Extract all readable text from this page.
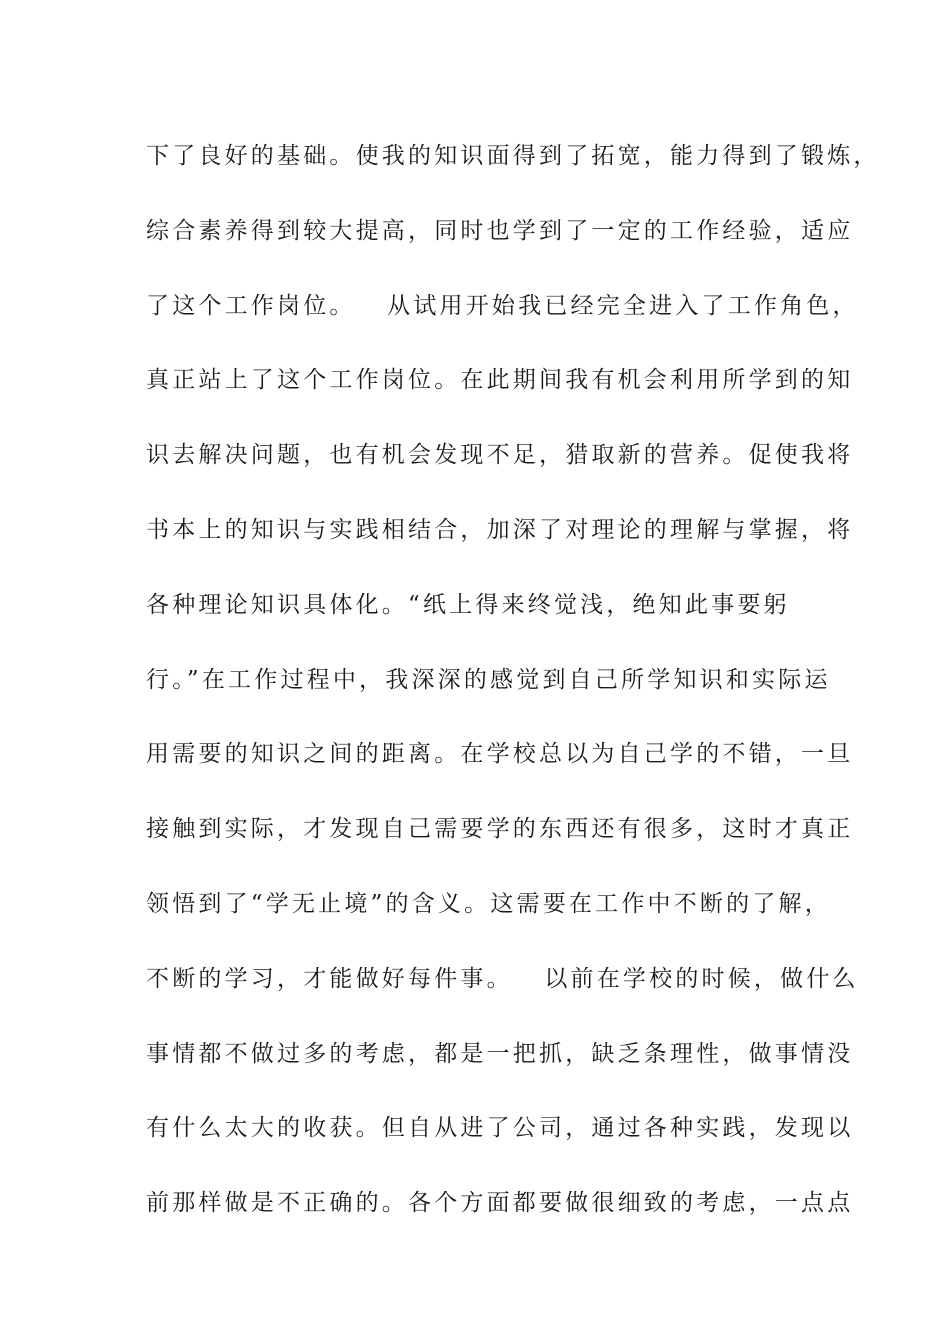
下了良好的基础。使我的知识面得到了拓宽，能力得到了锻炼，
综合素养得到较大提高，同时也学到了一定的工作经验，适应
了这个工作岗位。   从试用开始我已经完全进入了工作角色，
真正站上了这个工作岗位。在此期间我有机会利用所学到的知
识去解决问题，也有机会发现不足，猎取新的营养。促使我将
书本上的知识与实践相结合，加深了对理论的理解与掌握，将
各种理论知识具体化。“纸上得来终觉浅，绝知此事要躬
行。”在工作过程中，我深深的感觉到自己所学知识和实际运
用需要的知识之间的距离。在学校总以为自己学的不错，一旦
接触到实际，才发现自己需要学的东西还有很多，这时才真正
领悟到了“学无止境”的含义。这需要在工作中不断的了解，
不断的学习，才能做好每件事。   以前在学校的时候，做什么
事情都不做过多的考虑，都是一把抓，缺乏条理性，做事情没
有什么太大的收获。但自从进了公司，通过各种实践，发现以
前那样做是不正确的。各个方面都要做很细致的考虑，一点点
